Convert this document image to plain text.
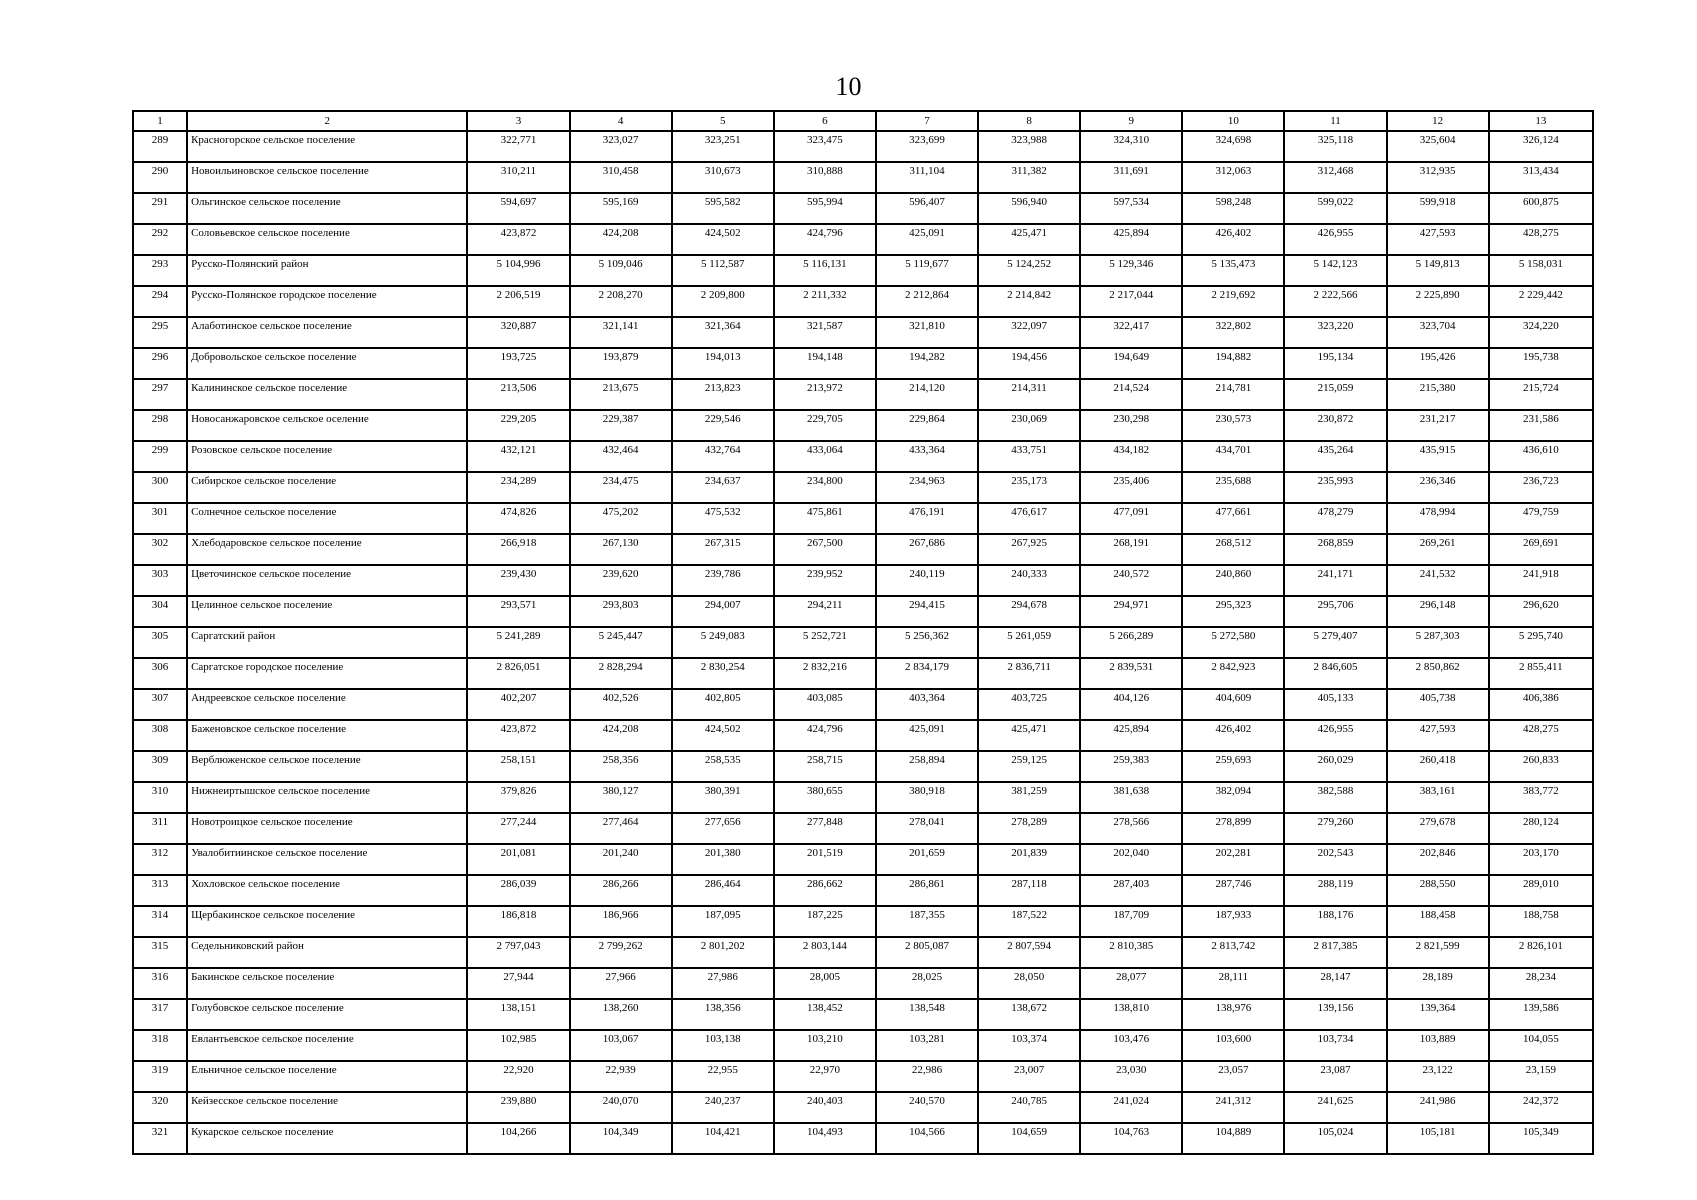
10
1	2	3	4	5	6	7	8	9	10	11	12	13
289	Красногорское сельское поселение	322,771	323,027	323,251	323,475	323,699	323,988	324,310	324,698	325,118	325,604	326,124
290	Новоильиновское сельское поселение	310,211	310,458	310,673	310,888	311,104	311,382	311,691	312,063	312,468	312,935	313,434
291	Ольгинское сельское поселение	594,697	595,169	595,582	595,994	596,407	596,940	597,534	598,248	599,022	599,918	600,875
292	Соловьевское сельское поселение	423,872	424,208	424,502	424,796	425,091	425,471	425,894	426,402	426,955	427,593	428,275
293	Русско-Полянский район	5 104,996	5 109,046	5 112,587	5 116,131	5 119,677	5 124,252	5 129,346	5 135,473	5 142,123	5 149,813	5 158,031
294	Русско-Полянское городское поселение	2 206,519	2 208,270	2 209,800	2 211,332	2 212,864	2 214,842	2 217,044	2 219,692	2 222,566	2 225,890	2 229,442
295	Алаботинское сельское поселение	320,887	321,141	321,364	321,587	321,810	322,097	322,417	322,802	323,220	323,704	324,220
296	Добровольское сельское поселение	193,725	193,879	194,013	194,148	194,282	194,456	194,649	194,882	195,134	195,426	195,738
297	Калининское сельское поселение	213,506	213,675	213,823	213,972	214,120	214,311	214,524	214,781	215,059	215,380	215,724
298	Новосанжаровское сельское оселение	229,205	229,387	229,546	229,705	229,864	230,069	230,298	230,573	230,872	231,217	231,586
299	Розовское сельское поселение	432,121	432,464	432,764	433,064	433,364	433,751	434,182	434,701	435,264	435,915	436,610
300	Сибирское сельское поселение	234,289	234,475	234,637	234,800	234,963	235,173	235,406	235,688	235,993	236,346	236,723
301	Солнечное сельское поселение	474,826	475,202	475,532	475,861	476,191	476,617	477,091	477,661	478,279	478,994	479,759
302	Хлебодаровское сельское поселение	266,918	267,130	267,315	267,500	267,686	267,925	268,191	268,512	268,859	269,261	269,691
303	Цветочинское сельское поселение	239,430	239,620	239,786	239,952	240,119	240,333	240,572	240,860	241,171	241,532	241,918
304	Целинное сельское поселение	293,571	293,803	294,007	294,211	294,415	294,678	294,971	295,323	295,706	296,148	296,620
305	Саргатский район	5 241,289	5 245,447	5 249,083	5 252,721	5 256,362	5 261,059	5 266,289	5 272,580	5 279,407	5 287,303	5 295,740
306	Саргатское городское поселение	2 826,051	2 828,294	2 830,254	2 832,216	2 834,179	2 836,711	2 839,531	2 842,923	2 846,605	2 850,862	2 855,411
307	Андреевское сельское поселение	402,207	402,526	402,805	403,085	403,364	403,725	404,126	404,609	405,133	405,738	406,386
308	Баженовское сельское поселение	423,872	424,208	424,502	424,796	425,091	425,471	425,894	426,402	426,955	427,593	428,275
309	Верблюженское сельское поселение	258,151	258,356	258,535	258,715	258,894	259,125	259,383	259,693	260,029	260,418	260,833
310	Нижнеиртышское сельское поселение	379,826	380,127	380,391	380,655	380,918	381,259	381,638	382,094	382,588	383,161	383,772
311	Новотроицкое сельское поселение	277,244	277,464	277,656	277,848	278,041	278,289	278,566	278,899	279,260	279,678	280,124
312	Увалобитиинское сельское поселение	201,081	201,240	201,380	201,519	201,659	201,839	202,040	202,281	202,543	202,846	203,170
313	Хохловское сельское поселение	286,039	286,266	286,464	286,662	286,861	287,118	287,403	287,746	288,119	288,550	289,010
314	Щербакинское сельское поселение	186,818	186,966	187,095	187,225	187,355	187,522	187,709	187,933	188,176	188,458	188,758
315	Седельниковский район	2 797,043	2 799,262	2 801,202	2 803,144	2 805,087	2 807,594	2 810,385	2 813,742	2 817,385	2 821,599	2 826,101
316	Бакинское сельское поселение	27,944	27,966	27,986	28,005	28,025	28,050	28,077	28,111	28,147	28,189	28,234
317	Голубовское сельское поселение	138,151	138,260	138,356	138,452	138,548	138,672	138,810	138,976	139,156	139,364	139,586
318	Евлантьевское сельское поселение	102,985	103,067	103,138	103,210	103,281	103,374	103,476	103,600	103,734	103,889	104,055
319	Ельничное сельское поселение	22,920	22,939	22,955	22,970	22,986	23,007	23,030	23,057	23,087	23,122	23,159
320	Кейзесское сельское поселение	239,880	240,070	240,237	240,403	240,570	240,785	241,024	241,312	241,625	241,986	242,372
321	Кукарское сельское поселение	104,266	104,349	104,421	104,493	104,566	104,659	104,763	104,889	105,024	105,181	105,349
